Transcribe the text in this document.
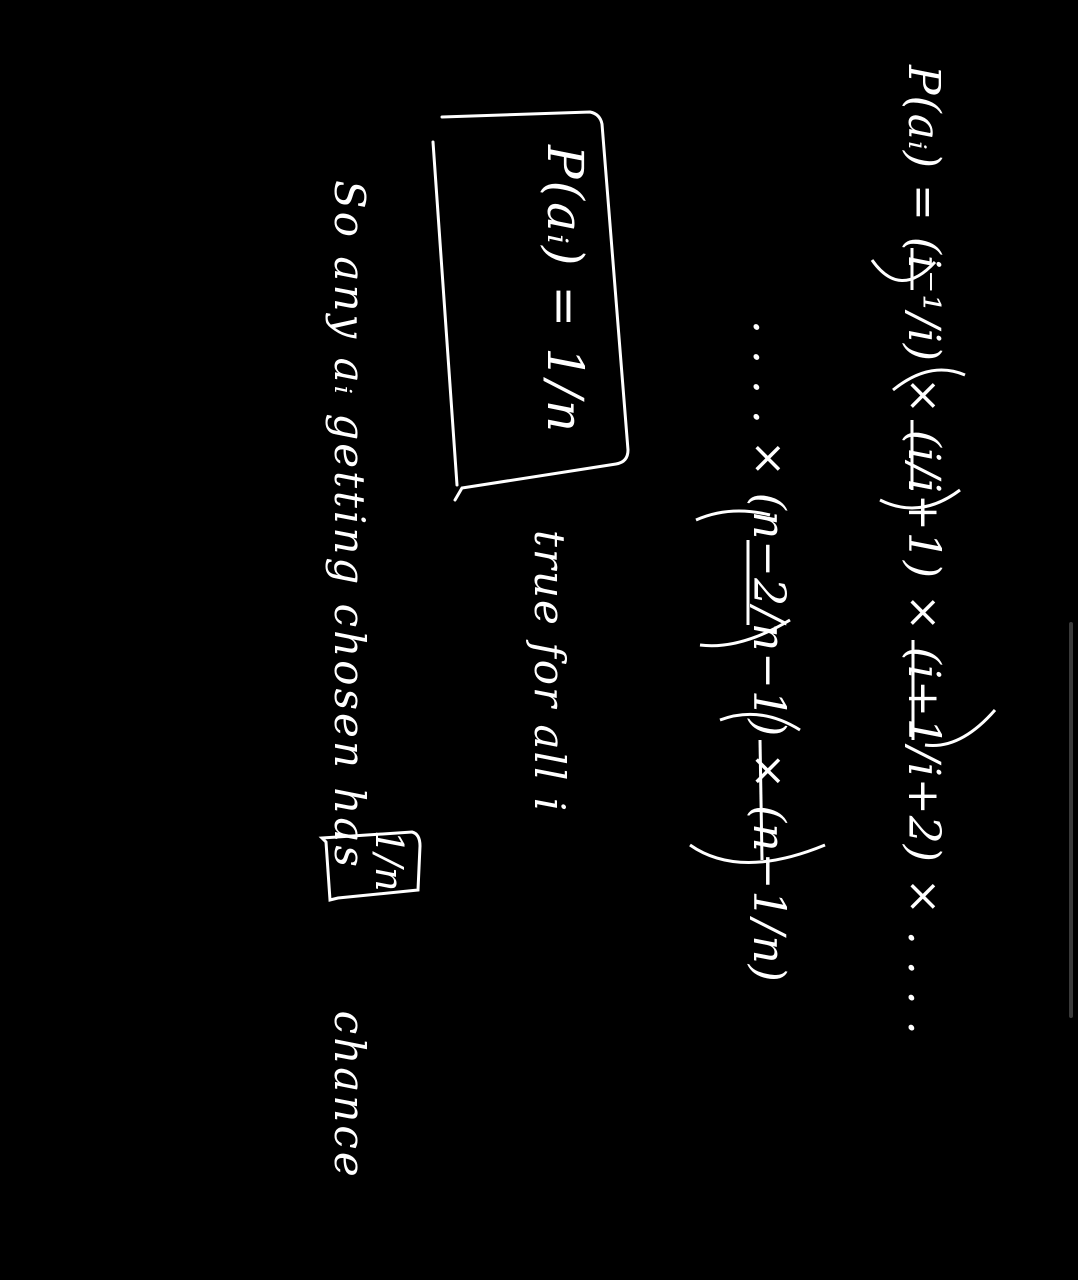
P(aᵢ) = (i⁻¹/i) × (i/i+1) × (i+1/i+2) × . . . .
. . . . × (n−2/n−1) × (n−1/n)
P(aᵢ) = 1/n
true for all i
So any aᵢ getting chosen has  chance
1/n
